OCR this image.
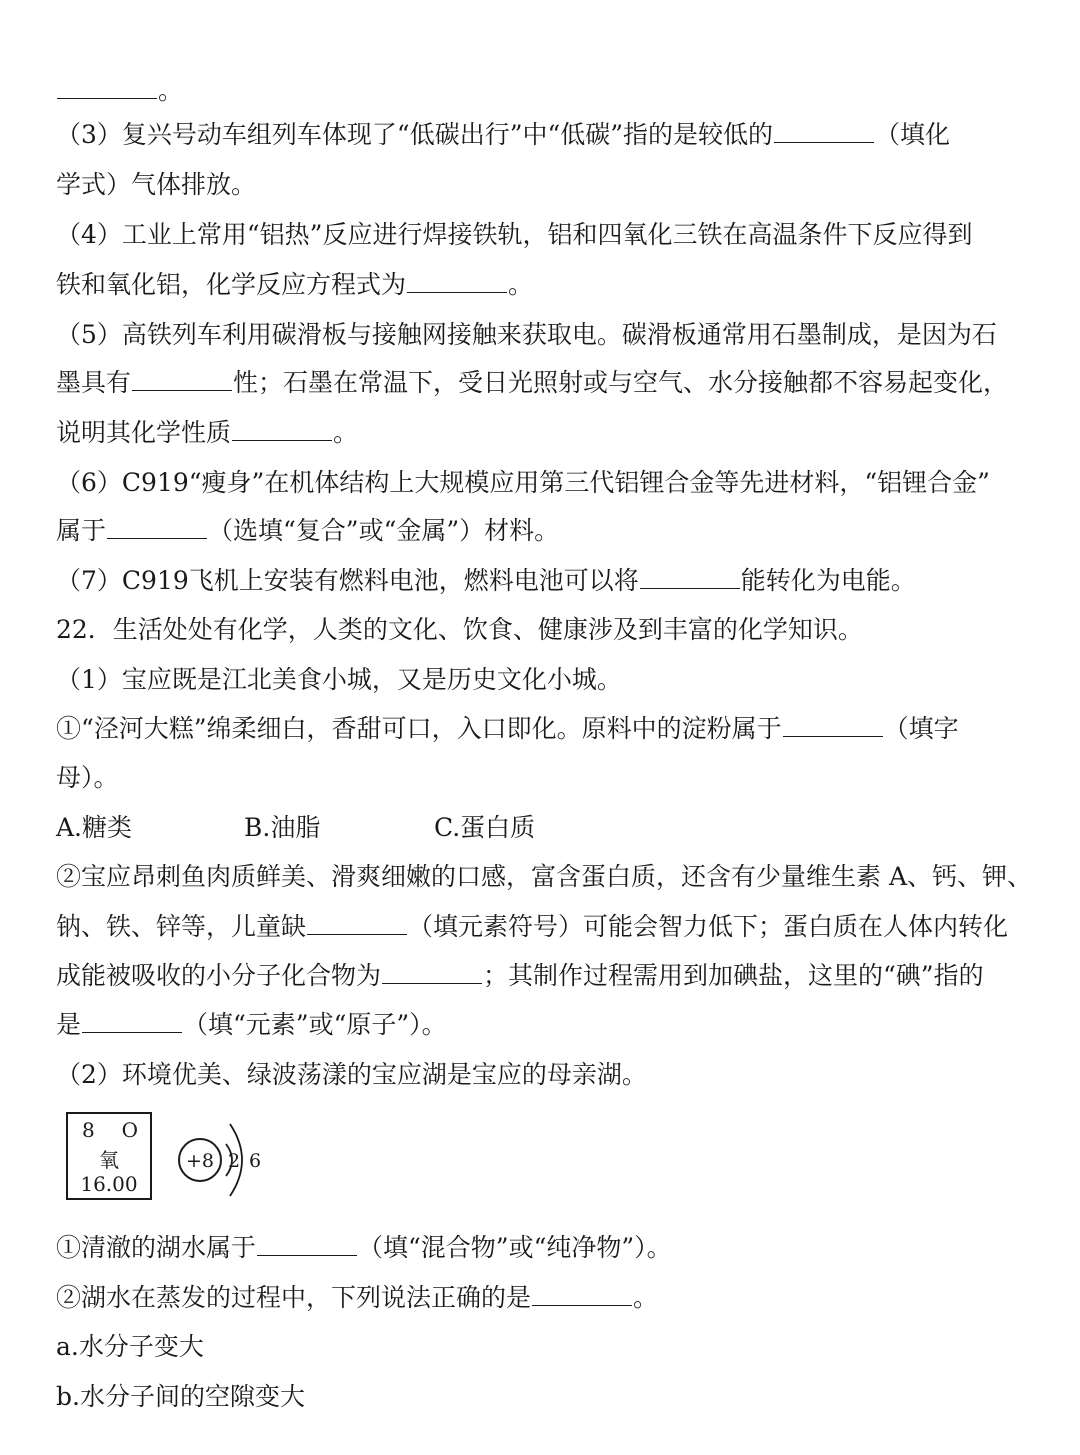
。
（3）复兴号动车组列车体现了“低碳出行”中“低碳”指的是较低的	（填化
学式）气体排放。
（4）工业上常用“铝热”反应进行焊接铁轨，铝和四氧化三铁在高温条件下反应得到
铁和氧化铝，化学反应方程式为	。
（5）高铁列车利用碳滑板与接触网接触来获取电。碳滑板通常用石墨制成，是因为石
墨具有	性；石墨在常温下，受日光照射或与空气、水分接触都不容易起变化，
说明其化学性质	。
（6）C919“瘦身”在机体结构上大规模应用第三代铝锂合金等先进材料，“铝锂合金”
属于	（选填“复合”或“金属”）材料。
（7）C919飞机上安装有燃料电池，燃料电池可以将	能转化为电能。
22．生活处处有化学，人类的文化、饮食、健康涉及到丰富的化学知识。
（1）宝应既是江北美食小城，又是历史文化小城。
①“泾河大糕”绵柔细白，香甜可口，入口即化。原料中的淀粉属于	（填字
母）。
A.糖类	B.油脂	C.蛋白质
②宝应昂刺鱼肉质鲜美、滑爽细嫩的口感，富含蛋白质，还含有少量维生素 A、钙、钾、
钠、铁、锌等，儿童缺	（填元素符号）可能会智力低下；蛋白质在人体内转化
成能被吸收的小分子化合物为	；其制作过程需用到加碘盐，这里的“碘”指的
是	（填“元素”或“原子”）。
（2）环境优美、绿波荡漾的宝应湖是宝应的母亲湖。
8 O
氧
16.00
+8 2 6
①清澈的湖水属于	（填“混合物”或“纯净物”）。
②湖水在蒸发的过程中，下列说法正确的是	。
a.水分子变大
b.水分子间的空隙变大
